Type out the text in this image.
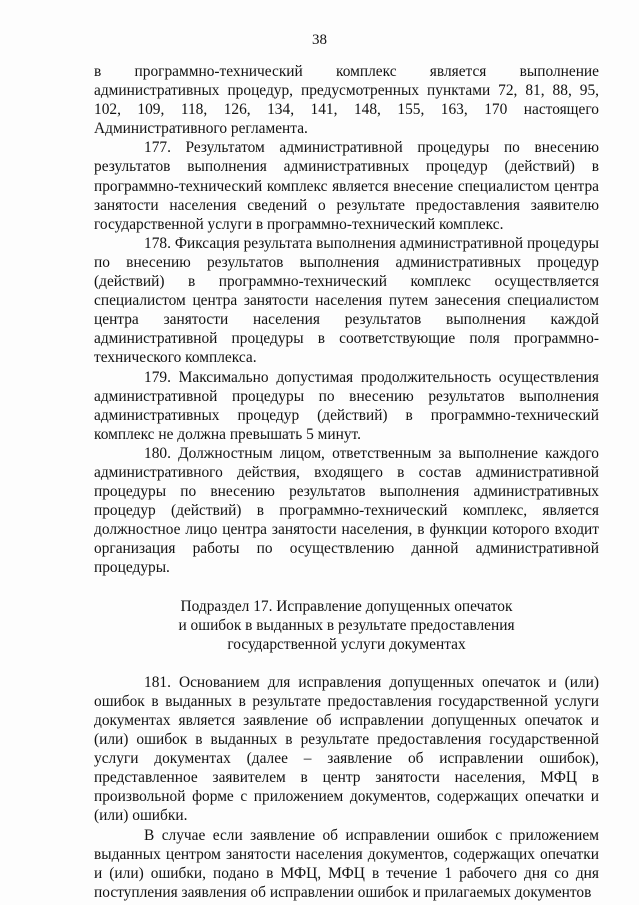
38

в программно-технический комплекс является выполнение административных процедур, предусмотренных пунктами 72, 81, 88, 95, 102, 109, 118, 126, 134, 141, 148, 155, 163, 170 настоящего Административного регламента.

177. Результатом административной процедуры по внесению результатов выполнения административных процедур (действий) в программно-технический комплекс является внесение специалистом центра занятости населения сведений о результате предоставления заявителю государственной услуги в программно-технический комплекс.

178. Фиксация результата выполнения административной процедуры по внесению результатов выполнения административных процедур (действий) в программно-технический комплекс осуществляется специалистом центра занятости населения путем занесения специалистом центра занятости населения результатов выполнения каждой административной процедуры в соответствующие поля программно-технического комплекса.

179. Максимально допустимая продолжительность осуществления административной процедуры по внесению результатов выполнения административных процедур (действий) в программно-технический комплекс не должна превышать 5 минут.

180. Должностным лицом, ответственным за выполнение каждого административного действия, входящего в состав административной процедуры по внесению результатов выполнения административных процедур (действий) в программно-технический комплекс, является должностное лицо центра занятости населения, в функции которого входит организация работы по осуществлению данной административной процедуры.

Подраздел 17. Исправление допущенных опечаток
и ошибок в выданных в результате предоставления
государственной услуги документах

181. Основанием для исправления допущенных опечаток и (или) ошибок в выданных в результате предоставления государственной услуги документах является заявление об исправлении допущенных опечаток и (или) ошибок в выданных в результате предоставления государственной услуги документах (далее – заявление об исправлении ошибок), представленное заявителем в центр занятости населения, МФЦ в произвольной форме с приложением документов, содержащих опечатки и (или) ошибки.

В случае если заявление об исправлении ошибок с приложением выданных центром занятости населения документов, содержащих опечатки и (или) ошибки, подано в МФЦ, МФЦ в течение 1 рабочего дня со дня поступления заявления об исправлении ошибок и прилагаемых документов
